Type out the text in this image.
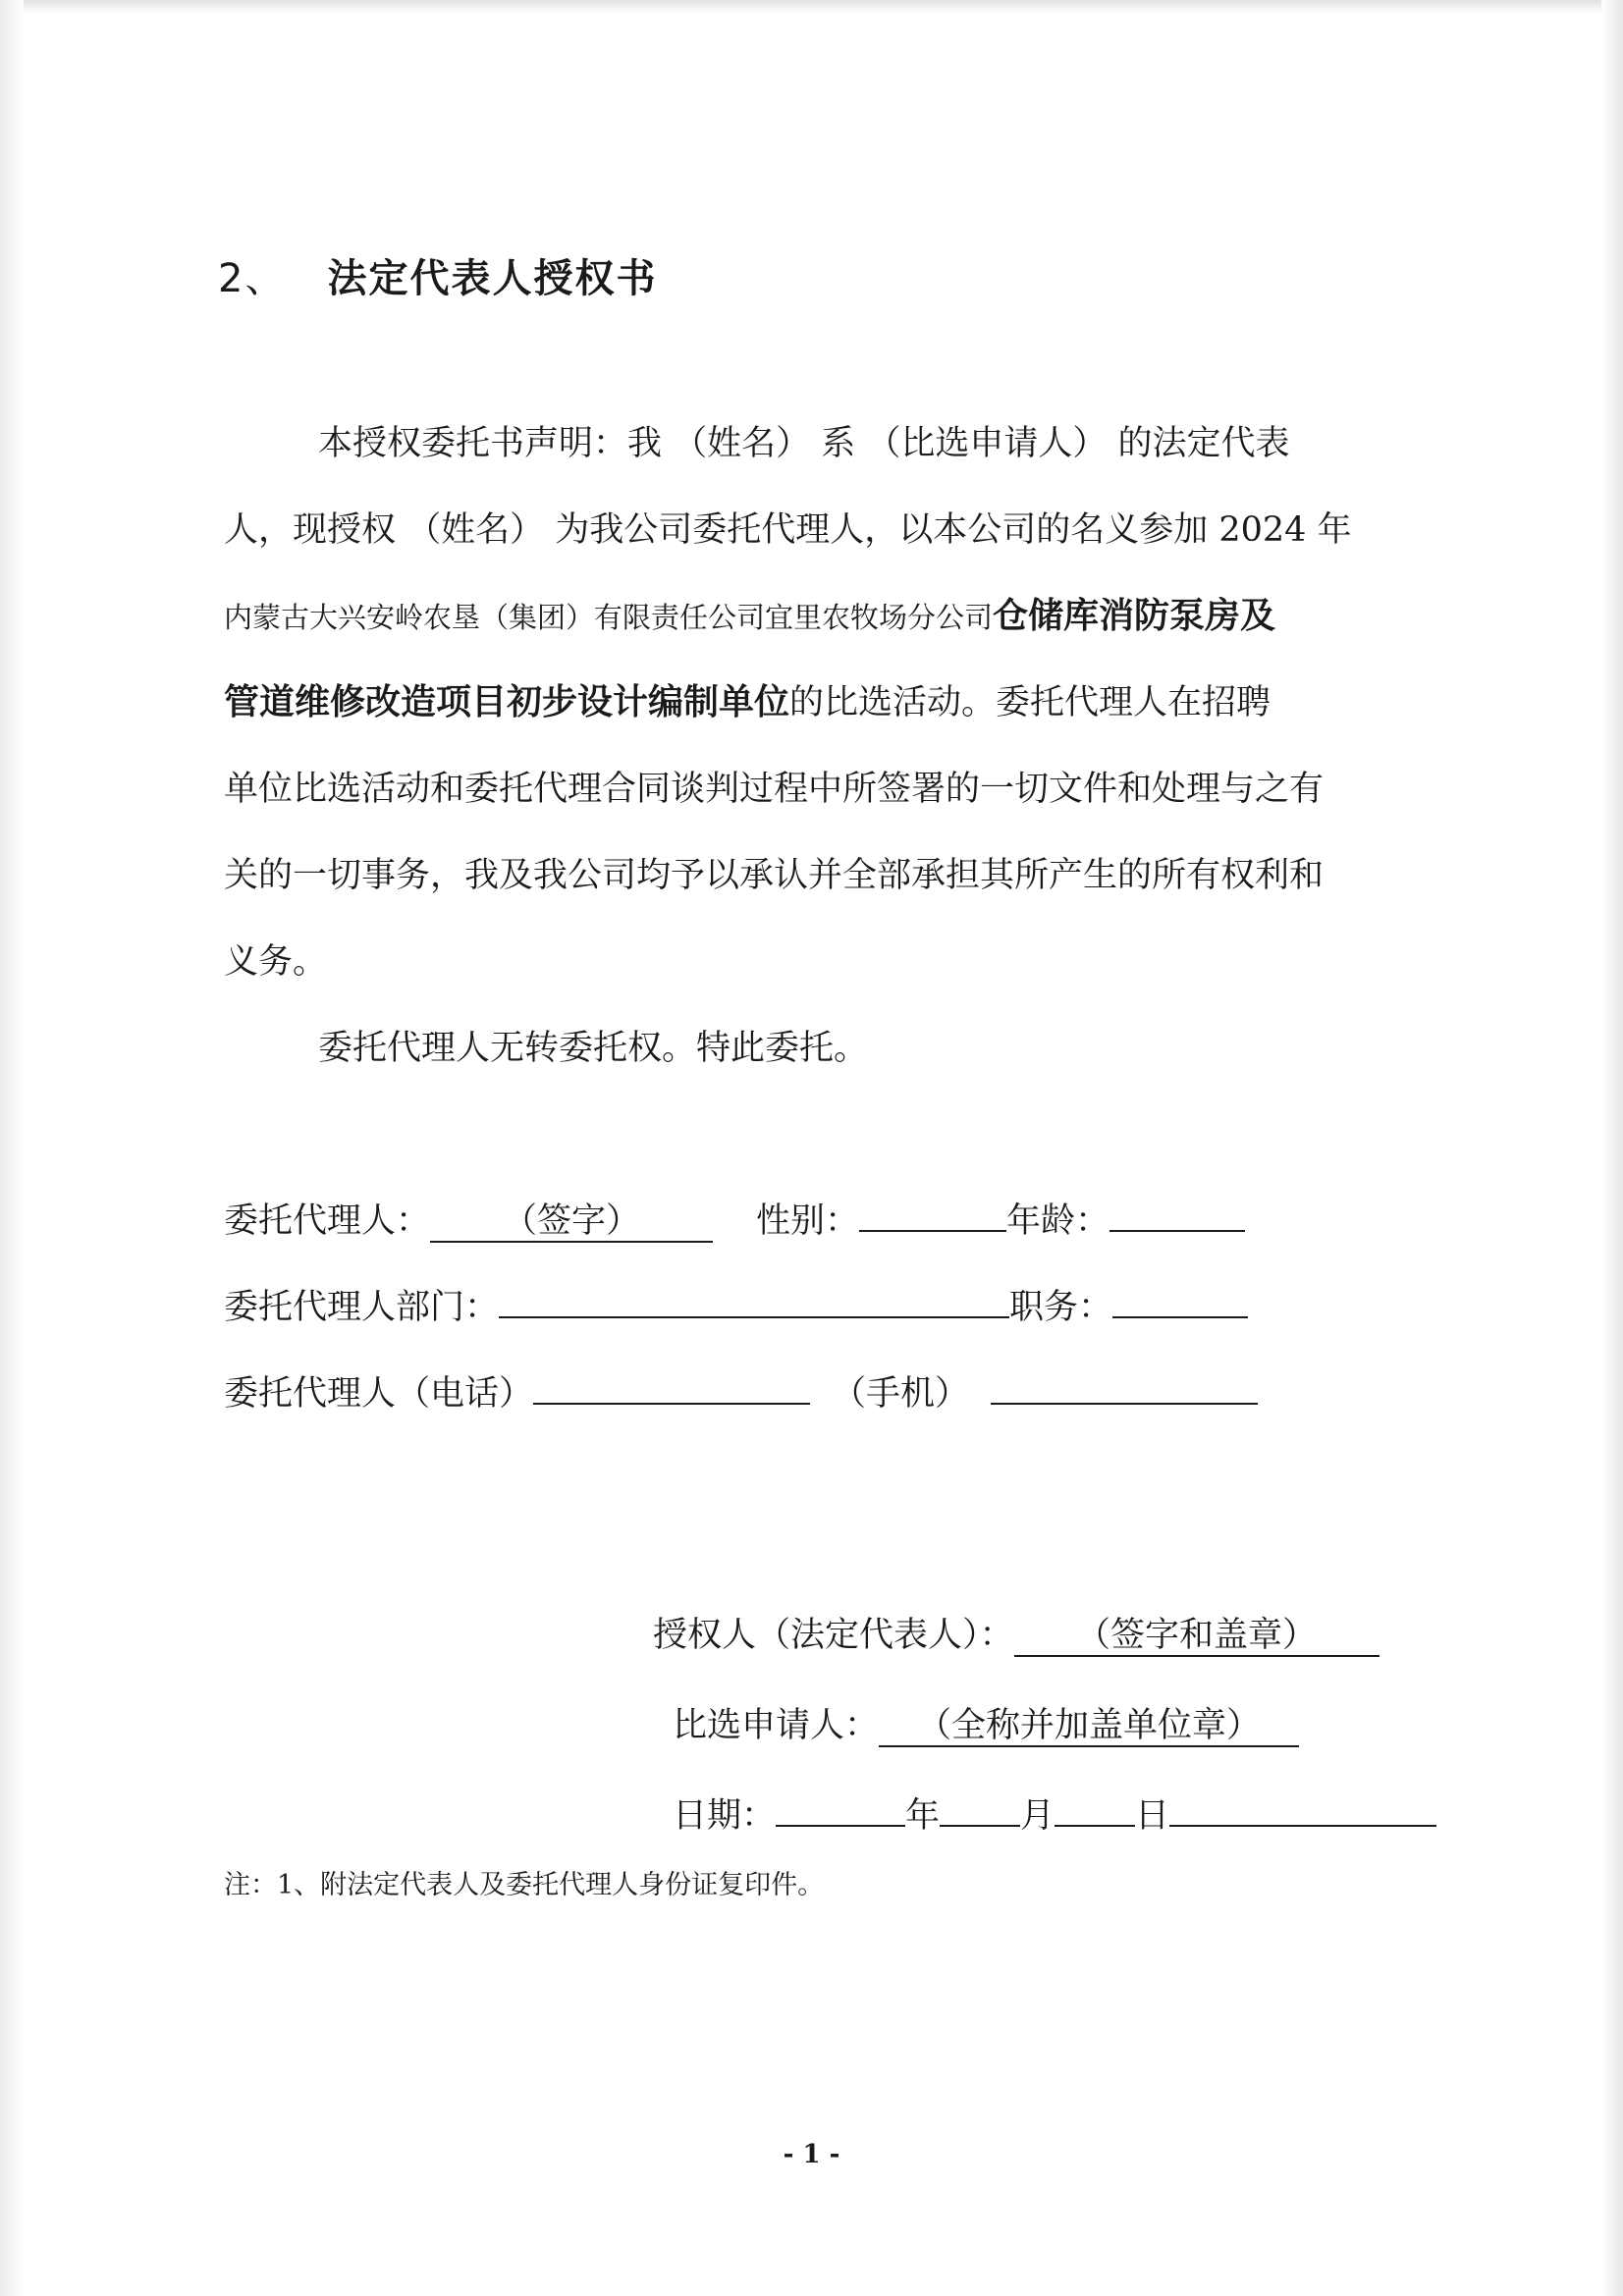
2、 法定代表人授权书
本授权委托书声明：我 （姓名） 系 （比选申请人） 的法定代表
人，现授权 （姓名） 为我公司委托代理人，以本公司的名义参加 2024 年
内蒙古大兴安岭农垦（集团）有限责任公司宜里农牧场分公司仓储库消防泵房及
管道维修改造项目初步设计编制单位的比选活动。委托代理人在招聘
单位比选活动和委托代理合同谈判过程中所签署的一切文件和处理与之有
关的一切事务，我及我公司均予以承认并全部承担其所产生的所有权利和
义务。
委托代理人无转委托权。特此委托。
委托代理人： （签字）	性别：	年龄：
委托代理人部门：	职务：
委托代理人（电话）	（手机）
授权人（法定代表人）： （签字和盖章）
比选申请人： （全称并加盖单位章）
日期：	年 月 日
注：1、附法定代表人及委托代理人身份证复印件。
- 1 -
